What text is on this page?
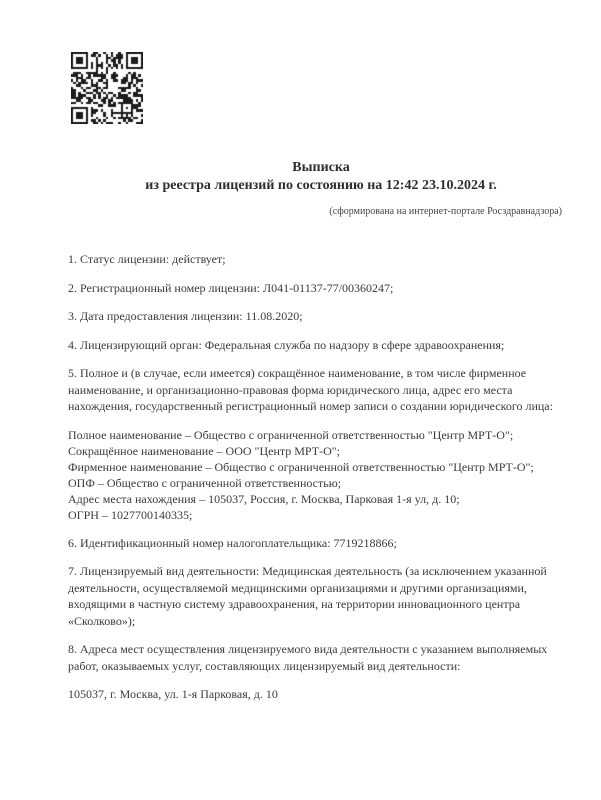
Выписка
из реестра лицензий по состоянию на 12:42 23.10.2024 г.
(сформирована на интернет-портале Росздравнадзора)
1. Статус лицензии: действует;
2. Регистрационный номер лицензии: Л041-01137-77/00360247;
3. Дата предоставления лицензии: 11.08.2020;
4. Лицензирующий орган: Федеральная служба по надзору в сфере здравоохранения;
5. Полное и (в случае, если имеется) сокращённое наименование, в том числе фирменное наименование, и организационно-правовая форма юридического лица, адрес его места нахождения, государственный регистрационный номер записи о создании юридического лица:
Полное наименование – Общество с ограниченной ответственностью "Центр МРТ-О";
Сокращённое наименование – ООО "Центр МРТ-О";
Фирменное наименование – Общество с ограниченной ответственностью "Центр МРТ-О";
ОПФ – Общество с ограниченной ответственностью;
Адрес места нахождения – 105037, Россия, г. Москва, Парковая 1-я ул, д. 10;
ОГРН – 1027700140335;
6. Идентификационный номер налогоплательщика: 7719218866;
7. Лицензируемый вид деятельности: Медицинская деятельность (за исключением указанной деятельности, осуществляемой медицинскими организациями и другими организациями, входящими в частную систему здравоохранения, на территории инновационного центра «Сколково»);
8. Адреса мест осуществления лицензируемого вида деятельности с указанием выполняемых работ, оказываемых услуг, составляющих лицензируемый вид деятельности:
105037, г. Москва, ул. 1-я Парковая, д. 10
